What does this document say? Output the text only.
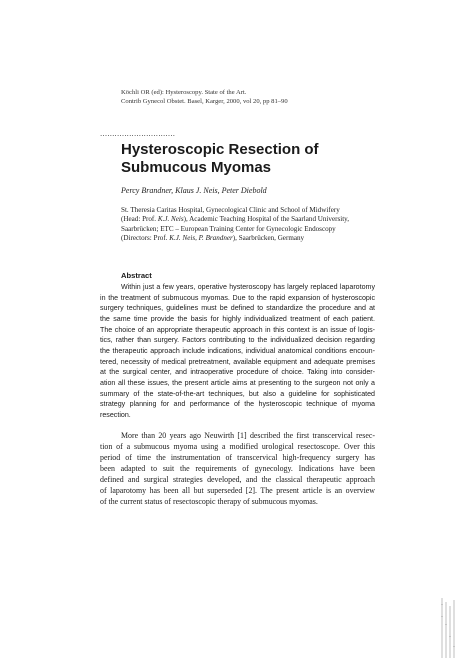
Köchli OR (ed): Hysteroscopy. State of the Art.
Contrib Gynecol Obstet. Basel, Karger, 2000, vol 20, pp 81–90
...............................
Hysteroscopic Resection of
Submucous Myomas
Percy Brandner, Klaus J. Neis, Peter Diebold
St. Theresia Caritas Hospital, Gynecological Clinic and School of Midwifery
(Head: Prof. K.J. Neis), Academic Teaching Hospital of the Saarland University,
Saarbrücken; ETC – European Training Center for Gynecologic Endoscopy
(Directors: Prof. K.J. Neis, P. Brandner), Saarbrücken, Germany
Abstract
Within just a few years, operative hysteroscopy has largely replaced laparotomy
in the treatment of submucous myomas. Due to the rapid expansion of hysteroscopic
surgery techniques, guidelines must be defined to standardize the procedure and at
the same time provide the basis for highly individualized treatment of each patient.
The choice of an appropriate therapeutic approach in this context is an issue of logis-
tics, rather than surgery. Factors contributing to the individualized decision regarding
the therapeutic approach include indications, individual anatomical conditions encoun-
tered, necessity of medical pretreatment, available equipment and adequate premises
at the surgical center, and intraoperative procedure of choice. Taking into consider-
ation all these issues, the present article aims at presenting to the surgeon not only a
summary of the state-of-the-art techniques, but also a guideline for sophisticated
strategy planning for and performance of the hysteroscopic technique of myoma
resection.
More than 20 years ago Neuwirth [1] described the first transcervical resec-
tion of a submucous myoma using a modified urological resectoscope. Over this
period of time the instrumentation of transcervical high-frequency surgery has
been adapted to suit the requirements of gynecology. Indications have been
defined and surgical strategies developed, and the classical therapeutic approach
of laparotomy has been all but superseded [2]. The present article is an overview
of the current status of resectoscopic therapy of submucous myomas.
